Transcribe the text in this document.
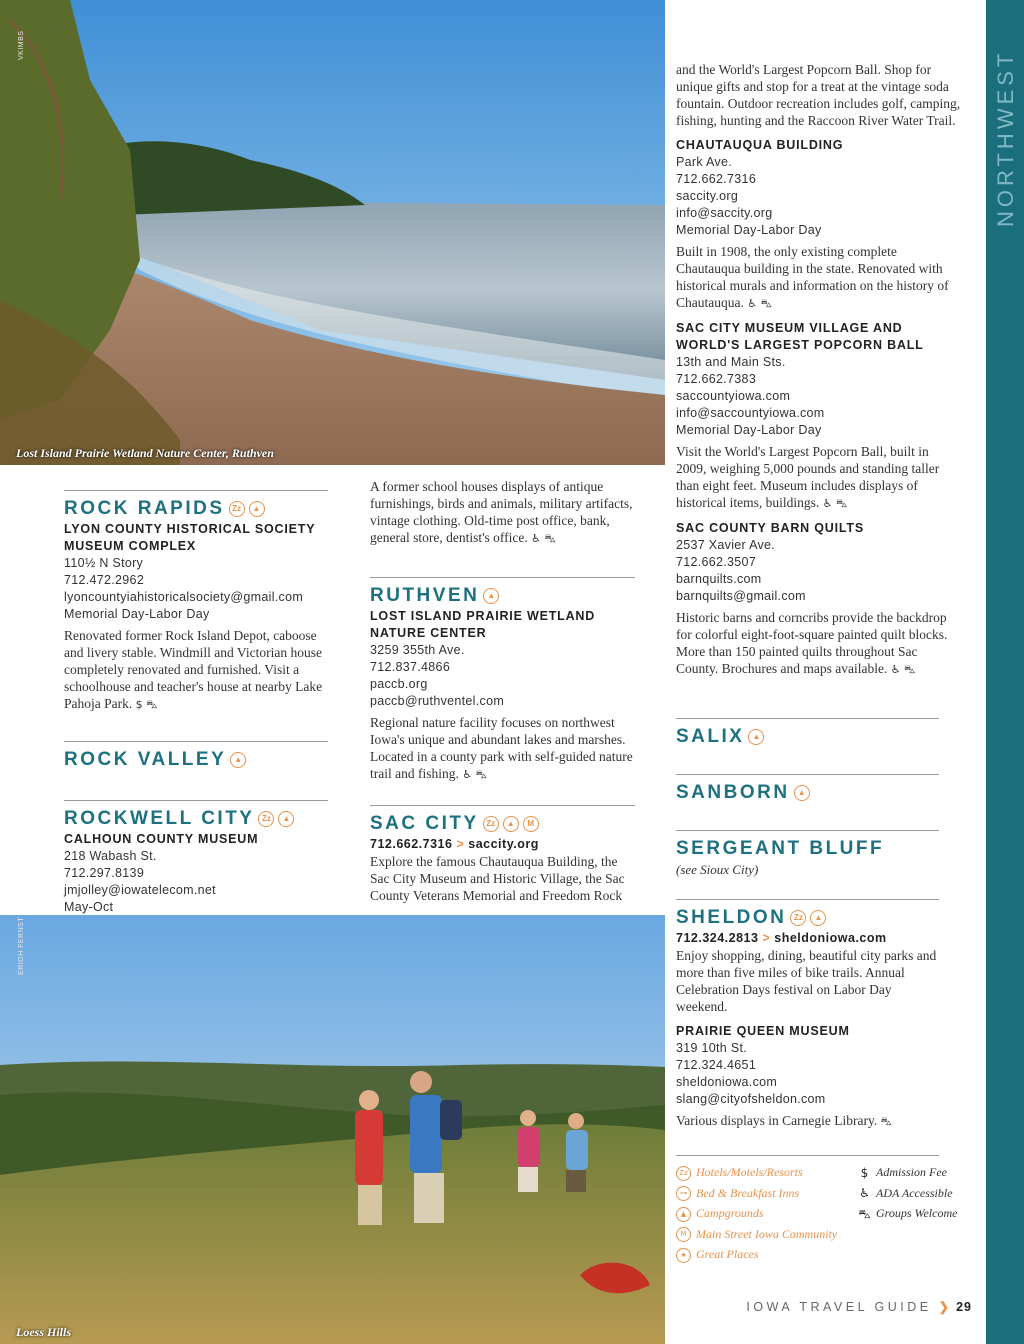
VKIMBS
Lost Island Prairie Wetland Nature Center, Ruthven
ERIOH FERNST
Loess Hills
NORTHWEST
ROCK RAPIDS Zz ▲
LYON COUNTY HISTORICAL SOCIETY
MUSEUM COMPLEX
110½ N Story
712.472.2962
lyoncountyiahistoricalsociety@gmail.com
Memorial Day-Labor Day
Renovated former Rock Island Depot, caboose and livery stable. Windmill and Victorian house completely renovated and furnished. Visit a schoolhouse and teacher's house at nearby Lake Pahoja Park. $ ⛍
ROCK VALLEY ▲
ROCKWELL CITY Zz ▲
CALHOUN COUNTY MUSEUM
218 Wabash St.
712.297.8139
jmjolley@iowatelecom.net
May-Oct
A former school houses displays of antique furnishings, birds and animals, military artifacts, vintage clothing. Old-time post office, bank, general store, dentist's office. ♿ ⛍
RUTHVEN ▲
LOST ISLAND PRAIRIE WETLAND
NATURE CENTER
3259 355th Ave.
712.837.4866
paccb.org
paccb@ruthventel.com
Regional nature facility focuses on northwest Iowa's unique and abundant lakes and marshes. Located in a county park with self-guided nature trail and fishing. ♿ ⛍
SAC CITY Zz ▲ M
712.662.7316 > saccity.org
Explore the famous Chautauqua Building, the Sac City Museum and Historic Village, the Sac County Veterans Memorial and Freedom Rock
and the World's Largest Popcorn Ball. Shop for unique gifts and stop for a treat at the vintage soda fountain. Outdoor recreation includes golf, camping, fishing, hunting and the Raccoon River Water Trail.
CHAUTAUQUA BUILDING
Park Ave.
712.662.7316
saccity.org
info@saccity.org
Memorial Day-Labor Day
Built in 1908, the only existing complete Chautauqua building in the state. Renovated with historical murals and information on the history of Chautauqua. ♿ ⛍
SAC CITY MUSEUM VILLAGE AND
WORLD'S LARGEST POPCORN BALL
13th and Main Sts.
712.662.7383
saccountyiowa.com
info@saccountyiowa.com
Memorial Day-Labor Day
Visit the World's Largest Popcorn Ball, built in 2009, weighing 5,000 pounds and standing taller than eight feet. Museum includes displays of historical items, buildings. ♿ ⛍
SAC COUNTY BARN QUILTS
2537 Xavier Ave.
712.662.3507
barnquilts.com
barnquilts@gmail.com
Historic barns and corncribs provide the backdrop for colorful eight-foot-square painted quilt blocks. More than 150 painted quilts throughout Sac County. Brochures and maps available. ♿ ⛍
SALIX ▲
SANBORN ▲
SERGEANT BLUFF
(see Sioux City)
SHELDON Zz ▲
712.324.2813 > sheldoniowa.com
Enjoy shopping, dining, beautiful city parks and more than five miles of bike trails. Annual Celebration Days festival on Labor Day weekend.
PRAIRIE QUEEN MUSEUM
319 10th St.
712.324.4651
sheldoniowa.com
slang@cityofsheldon.com
Various displays in Carnegie Library. ⛍
Zz Hotels/Motels/Resorts
⊶ Bed & Breakfast Inns
▲ Campgrounds
M Main Street Iowa Community
★ Great Places
$ Admission Fee
♿ ADA Accessible
⛍ Groups Welcome
IOWA TRAVEL GUIDE ❯ 29
